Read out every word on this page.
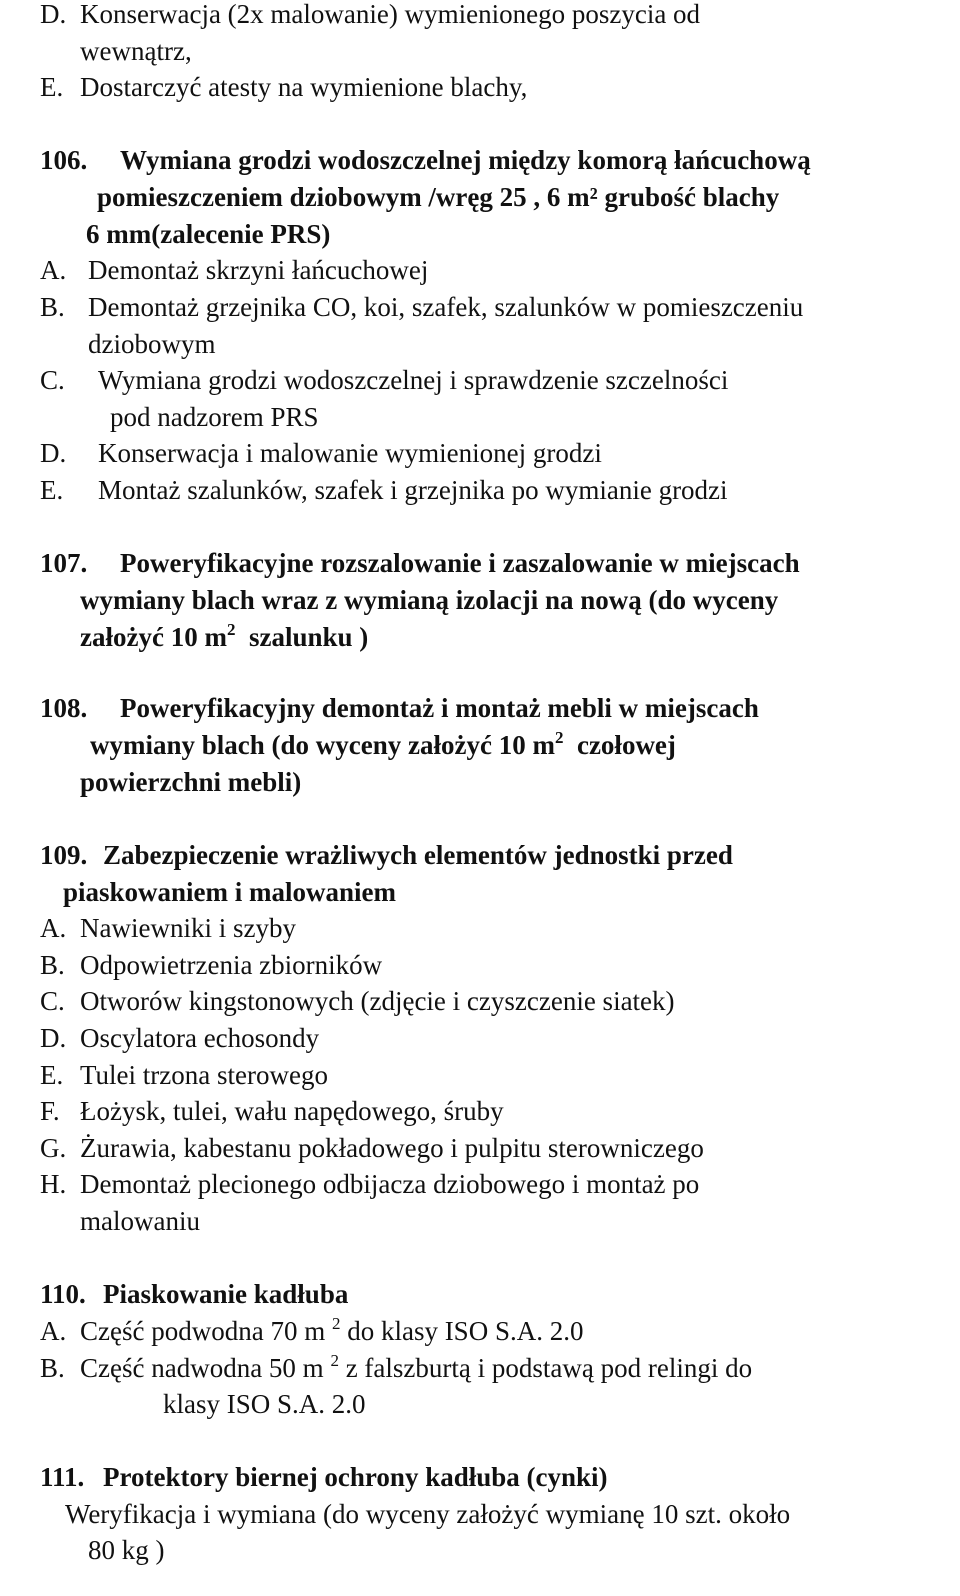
D. Konserwacja (2x malowanie) wymienionego poszycia od
wewnątrz,
E. Dostarczyć atesty na wymienione blachy,
106. Wymiana grodzi wodoszczelnej między komorą łańcuchową
pomieszczeniem dziobowym /wręg 25 , 6 m² grubość blachy
6 mm(zalecenie PRS)
A. Demontaż skrzyni łańcuchowej
B. Demontaż grzejnika CO, koi, szafek, szalunków w pomieszczeniu
dziobowym
C. Wymiana grodzi wodoszczelnej i sprawdzenie szczelności
pod nadzorem PRS
D. Konserwacja i malowanie wymienionej grodzi
E. Montaż szalunków, szafek i grzejnika po wymianie grodzi
107. Poweryfikacyjne rozszalowanie i zaszalowanie w miejscach
wymiany blach wraz z wymianą izolacji na nową (do wyceny
założyć 10 $m^2$ szalunku )
108. Poweryfikacyjny demontaż i montaż mebli w miejscach
wymiany blach (do wyceny założyć 10 $m^2$ czołowej
powierzchni mebli)
109. Zabezpieczenie wrażliwych elementów jednostki przed
piaskowaniem i malowaniem
A. Nawiewniki i szyby
B. Odpowietrzenia zbiorników
C. Otworów kingstonowych (zdjęcie i czyszczenie siatek)
D. Oscylatora echosondy
E. Tulei trzona sterowego
F. Łożysk, tulei, wału napędowego, śruby
G. Żurawia, kabestanu pokładowego i pulpitu sterowniczego
H. Demontaż plecionego odbijacza dziobowego i montaż po
malowaniu
110. Piaskowanie kadłuba
A. Część podwodna 70 m $^2$ do klasy ISO S.A. 2.0
B. Część nadwodna 50 m $^2$ z falszburtą i podstawą pod relingi do
klasy ISO S.A. 2.0
111. Protektory biernej ochrony kadłuba (cynki)
Weryfikacja i wymiana (do wyceny założyć wymianę 10 szt. około
80 kg )
